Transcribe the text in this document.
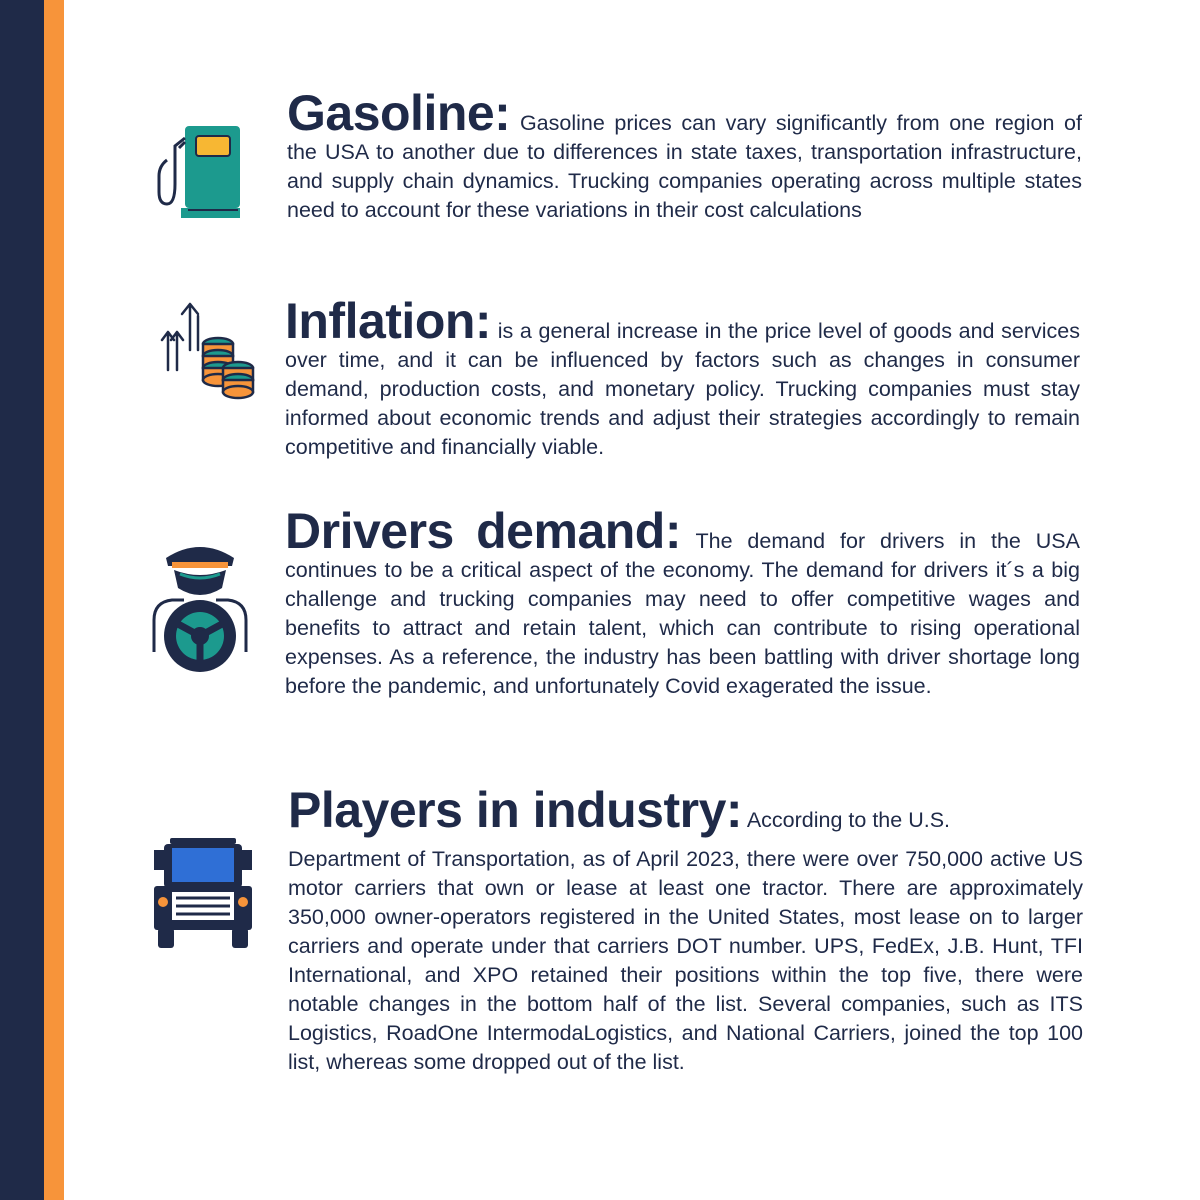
Gasoline: Gasoline prices can vary significantly from one region of the USA to another due to differences in state taxes, transportation infrastructure, and supply chain dynamics. Trucking companies operating across multiple states need to account for these variations in their cost calculations
Inflation: is a general increase in the price level of goods and services over time, and it can be influenced by factors such as changes in consumer demand, production costs, and monetary policy. Trucking companies must stay informed about economic trends and adjust their strategies accordingly to remain competitive and financially viable.
Drivers demand: The demand for drivers in the USA continues to be a critical aspect of the economy. The demand for drivers it´s a big challenge and trucking companies may need to offer competitive wages and benefits to attract and retain talent, which can contribute to rising operational expenses. As a reference, the industry has been battling with driver shortage long before the pandemic, and unfortunately Covid exagerated the issue.
Players in industry: According to the U.S.
Department of Transportation, as of April 2023, there were over 750,000 active US motor carriers that own or lease at least one tractor. There are approximately 350,000 owner-operators registered in the United States, most lease on to larger carriers and operate under that carriers DOT number. UPS, FedEx, J.B. Hunt, TFI International, and XPO retained their positions within the top five, there were notable changes in the bottom half of the list. Several companies, such as ITS Logistics, RoadOne IntermodaLogistics, and National Carriers, joined the top 100 list, whereas some dropped out of the list.
